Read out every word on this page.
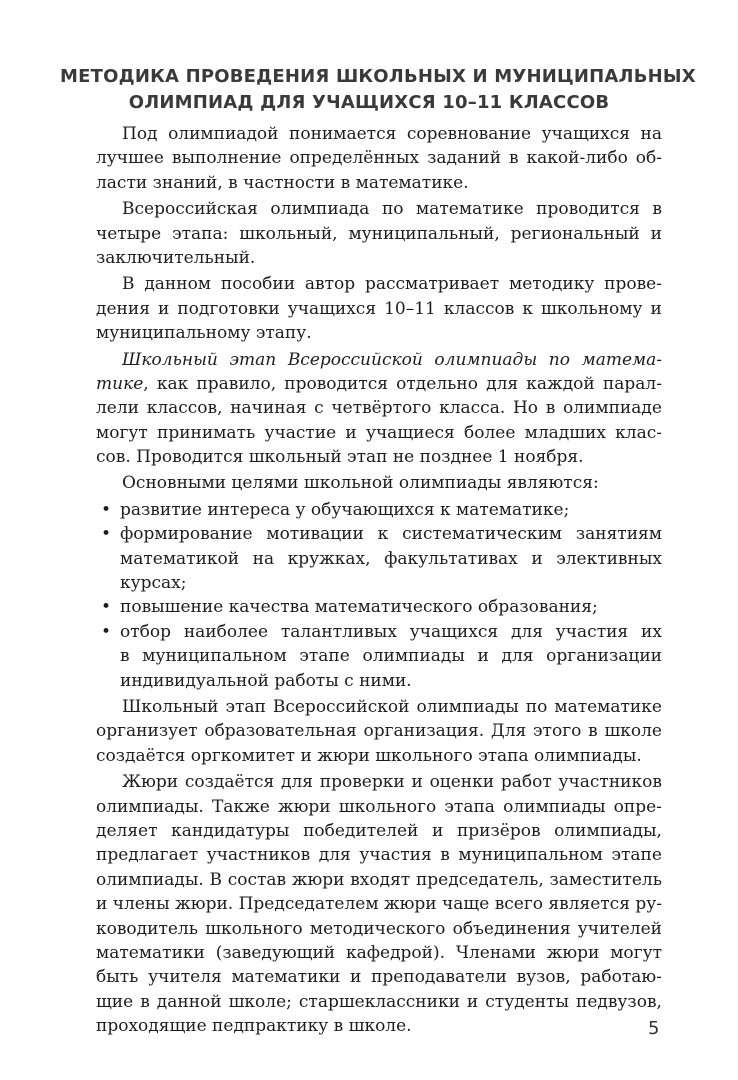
МЕТОДИКА ПРОВЕДЕНИЯ ШКОЛЬНЫХ И МУНИЦИПАЛЬНЫХ
ОЛИМПИАД ДЛЯ УЧАЩИХСЯ 10–11 КЛАССОВ
Под олимпиадой понимается соревнование учащихся на
лучшее выполнение определённых заданий в какой-либо об-
ласти знаний, в частности в математике.
Всероссийская олимпиада по математике проводится в
четыре этапа: школьный, муниципальный, региональный и
заключительный.
В данном пособии автор рассматривает методику прове-
дения и подготовки учащихся 10–11 классов к школьному и
муниципальному этапу.
Школьный этап Всероссийской олимпиады по матема-
тике, как правило, проводится отдельно для каждой парал-
лели классов, начиная с четвёртого класса. Но в олимпиаде
могут принимать участие и учащиеся более младших клас-
сов. Проводится школьный этап не позднее 1 ноября.
Основными целями школьной олимпиады являются:
• развитие интереса у обучающихся к математике;
• формирование мотивации к систематическим занятиям
математикой на кружках, факультативах и элективных
курсах;
• повышение качества математического образования;
• отбор наиболее талантливых учащихся для участия их
в муниципальном этапе олимпиады и для организации
индивидуальной работы с ними.
Школьный этап Всероссийской олимпиады по математике
организует образовательная организация. Для этого в школе
создаётся оргкомитет и жюри школьного этапа олимпиады.
Жюри создаётся для проверки и оценки работ участников
олимпиады. Также жюри школьного этапа олимпиады опре-
деляет кандидатуры победителей и призёров олимпиады,
предлагает участников для участия в муниципальном этапе
олимпиады. В состав жюри входят председатель, заместитель
и члены жюри. Председателем жюри чаще всего является ру-
ководитель школьного методического объединения учителей
математики (заведующий кафедрой). Членами жюри могут
быть учителя математики и преподаватели вузов, работаю-
щие в данной школе; старшеклассники и студенты педвузов,
проходящие педпрактику в школе.	5
